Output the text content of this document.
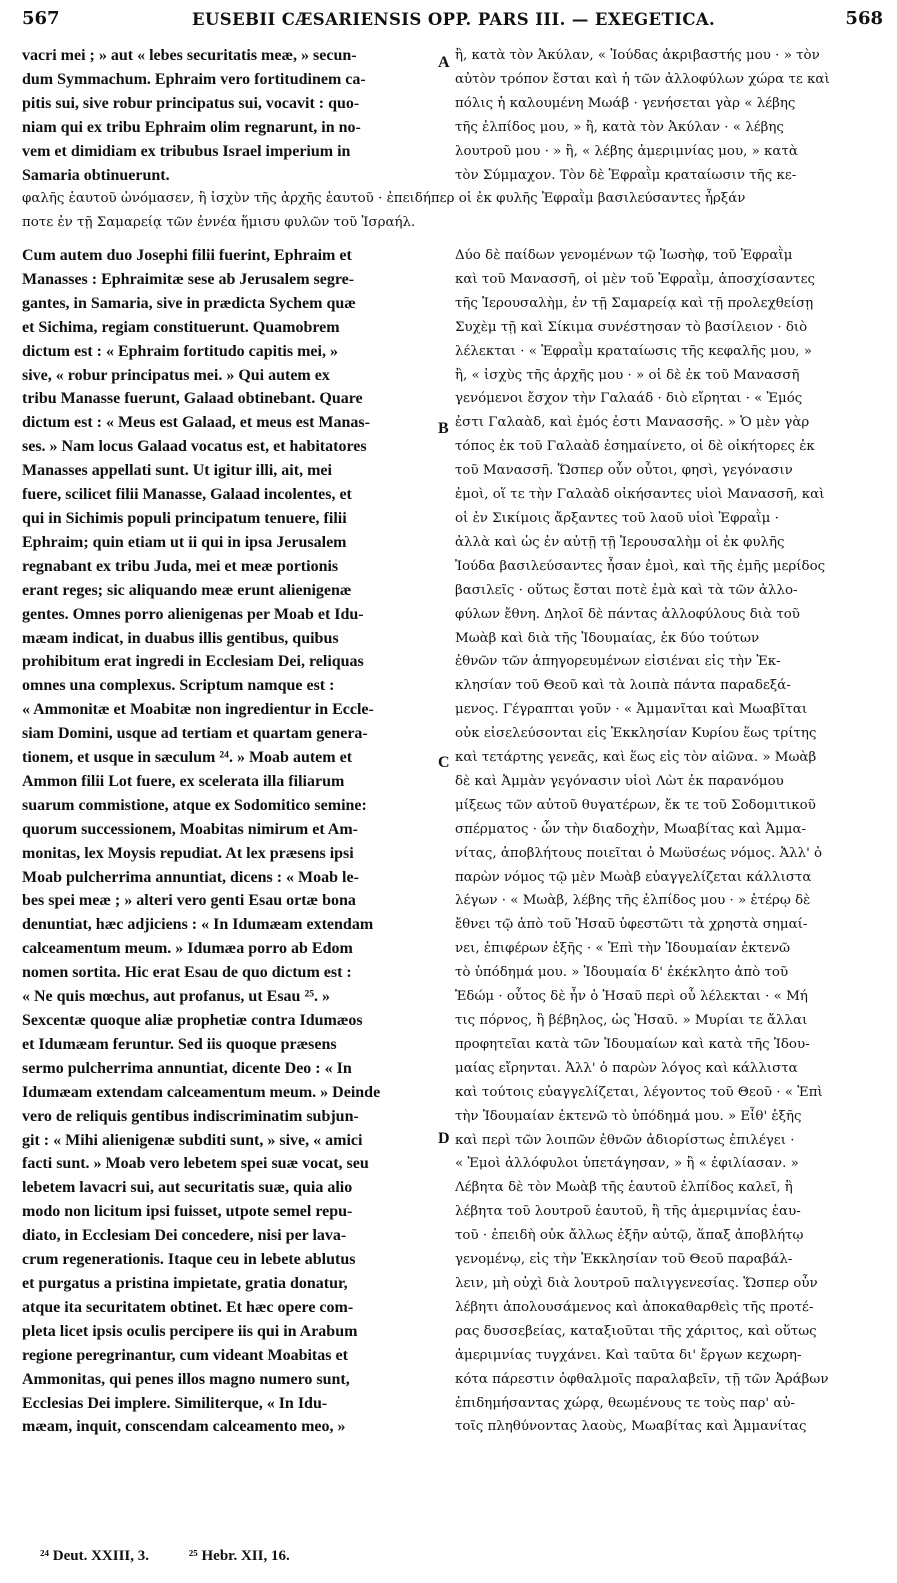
567	EUSEBII CÆSARIENSIS OPP. PARS III. — EXEGETICA.	568
vacri mei ; » aut « lebes securitatis meæ, » secun-
dum Symmachum. Ephraim vero fortitudinem ca-
pitis sui, sive robur principatus sui, vocavit : quo-
niam qui ex tribu Ephraim olim regnarunt, in no-
vem et dimidiam ex tribubus Israel imperium in
Samaria obtinuerunt.
ἢ, κατὰ τὸν Ἀκύλαν, « Ἰούδας ἀκριβαστής μου · » τὸν
αὐτὸν τρόπον ἔσται καὶ ἡ τῶν ἀλλοφύλων χώρα τε καὶ
πόλις ἡ καλουμένη Μωάβ · γενήσεται γὰρ « λέβης
τῆς ἐλπίδος μου, » ἢ, κατὰ τὸν Ἀκύλαν · « λέβης
λουτροῦ μου · » ἢ, « λέβης ἀμεριμνίας μου, » κατὰ
τὸν Σύμμαχον. Τὸν δὲ Ἐφραῒμ κραταίωσιν τῆς κε-
φαλῆς ἑαυτοῦ ὠνόμασεν, ἢ ἰσχὺν τῆς ἀρχῆς ἑαυτοῦ · ἐπειδήπερ οἱ ἐκ φυλῆς Ἐφραῒμ βασιλεύσαντες ἦρξάν
ποτε ἐν τῇ Σαμαρείᾳ τῶν ἐννέα ἥμισυ φυλῶν τοῦ Ἰσραήλ.
Cum autem duo Josephi filii fuerint, Ephraim et
Manasses : Ephraimitæ sese ab Jerusalem segre-
gantes, in Samaria, sive in prædicta Sychem quæ
et Sichima, regiam constituerunt. Quamobrem
dictum est : « Ephraim fortitudo capitis mei, »
sive, « robur principatus mei. » Qui autem ex
tribu Manasse fuerunt, Galaad obtinebant. Quare
dictum est : « Meus est Galaad, et meus est Manas-
ses. » Nam locus Galaad vocatus est, et habitatores
Manasses appellati sunt. Ut igitur illi, ait, mei
fuere, scilicet filii Manasse, Galaad incolentes, et
qui in Sichimis populi principatum tenuere, filii
Ephraim; quin etiam ut ii qui in ipsa Jerusalem
regnabant ex tribu Juda, mei et meæ portionis
erant reges; sic aliquando meæ erunt alienigenæ
gentes. Omnes porro alienigenas per Moab et Idu-
mæam indicat, in duabus illis gentibus, quibus
prohibitum erat ingredi in Ecclesiam Dei, reliquas
omnes una complexus. Scriptum namque est :
« Ammonitæ et Moabitæ non ingredientur in Eccle-
siam Domini, usque ad tertiam et quartam genera-
tionem, et usque in sæculum ²⁴. » Moab autem et
Ammon filii Lot fuere, ex scelerata illa filiarum
suarum commistione, atque ex Sodomitico semine:
quorum successionem, Moabitas nimirum et Am-
monitas, lex Moysis repudiat. At lex præsens ipsi
Moab pulcherrima annuntiat, dicens : « Moab le-
bes spei meæ ; » alteri vero genti Esau ortæ bona
denuntiat, hæc adjiciens : « In Idumæam extendam
calceamentum meum. » Idumæa porro ab Edom
nomen sortita. Hic erat Esau de quo dictum est :
« Ne quis mœchus, aut profanus, ut Esau ²⁵. »
Sexcentæ quoque aliæ prophetiæ contra Idumæos
et Idumæam feruntur. Sed iis quoque præsens
sermo pulcherrima annuntiat, dicente Deo : « In
Idumæam extendam calceamentum meum. » Deinde
vero de reliquis gentibus indiscriminatim subjun-
git : « Mihi alienigenæ subditi sunt, » sive, « amici
facti sunt. » Moab vero lebetem spei suæ vocat, seu
lebetem lavacri sui, aut securitatis suæ, quia alio
modo non licitum ipsi fuisset, utpote semel repu-
diato, in Ecclesiam Dei concedere, nisi per lava-
crum regenerationis. Itaque ceu in lebete ablutus
et purgatus a pristina impietate, gratia donatur,
atque ita securitatem obtinet. Et hæc opere com-
pleta licet ipsis oculis percipere iis qui in Arabum
regione peregrinantur, cum videant Moabitas et
Ammonitas, qui penes illos magno numero sunt,
Ecclesias Dei implere. Similiterque, « In Idu-
mæam, inquit, conscendam calceamento meo, »
Δύο δὲ παίδων γενομένων τῷ Ἰωσὴφ, τοῦ Ἐφραῒμ
καὶ τοῦ Μανασσῆ, οἱ μὲν τοῦ Ἐφραῒμ, ἀποσχίσαντες
τῆς Ἱερουσαλὴμ, ἐν τῇ Σαμαρείᾳ καὶ τῇ προλεχθείσῃ
Συχὲμ τῇ καὶ Σίκιμα συνέστησαν τὸ βασίλειον · διὸ
λέλεκται · « Ἐφραῒμ κραταίωσις τῆς κεφαλῆς μου, »
ἢ, « ἰσχὺς τῆς ἀρχῆς μου · » οἱ δὲ ἐκ τοῦ Μανασσῆ
γενόμενοι ἔσχον τὴν Γαλαάδ · διὸ εἴρηται · « Ἐμός
ἐστι Γαλαὰδ, καὶ ἐμός ἐστι Μανασσῆς. » Ὁ μὲν γὰρ
τόπος ἐκ τοῦ Γαλαὰδ ἐσημαίνετο, οἱ δὲ οἰκήτορες ἐκ
τοῦ Μανασσῆ. Ὥσπερ οὖν οὗτοι, φησὶ, γεγόνασιν
ἐμοὶ, οἵ τε τὴν Γαλαὰδ οἰκήσαντες υἱοὶ Μανασσῆ, καὶ
οἱ ἐν Σικίμοις ἄρξαντες τοῦ λαοῦ υἱοὶ Ἐφραῒμ ·
ἀλλὰ καὶ ὡς ἐν αὐτῇ τῇ Ἱερουσαλὴμ οἱ ἐκ φυλῆς
Ἰούδα βασιλεύσαντες ἦσαν ἐμοὶ, καὶ τῆς ἐμῆς μερίδος
βασιλεῖς · οὕτως ἔσται ποτὲ ἐμὰ καὶ τὰ τῶν ἀλλο-
φύλων ἔθνη. Δηλοῖ δὲ πάντας ἀλλοφύλους διὰ τοῦ
Μωὰβ καὶ διὰ τῆς Ἰδουμαίας, ἐκ δύο τούτων
ἐθνῶν τῶν ἀπηγορευμένων εἰσιέναι εἰς τὴν Ἐκ-
κλησίαν τοῦ Θεοῦ καὶ τὰ λοιπὰ πάντα παραδεξά-
μενος. Γέγραπται γοῦν · « Ἀμμανῖται καὶ Μωαβῖται
οὐκ εἰσελεύσονται εἰς Ἐκκλησίαν Κυρίου ἕως τρίτης
καὶ τετάρτης γενεᾶς, καὶ ἕως εἰς τὸν αἰῶνα. » Μωὰβ
δὲ καὶ Ἀμμὰν γεγόνασιν υἱοὶ Λὼτ ἐκ παρανόμου
μίξεως τῶν αὐτοῦ θυγατέρων, ἔκ τε τοῦ Σοδομιτικοῦ
σπέρματος · ὧν τὴν διαδοχὴν, Μωαβίτας καὶ Ἀμμα-
νίτας, ἀποβλήτους ποιεῖται ὁ Μωϋσέως νόμος. Ἀλλ' ὁ
παρὼν νόμος τῷ μὲν Μωὰβ εὐαγγελίζεται κάλλιστα
λέγων · « Μωὰβ, λέβης τῆς ἐλπίδος μου · » ἑτέρῳ δὲ
ἔθνει τῷ ἀπὸ τοῦ Ἡσαῦ ὑφεστῶτι τὰ χρηστὰ σημαί-
νει, ἐπιφέρων ἑξῆς · « Ἐπὶ τὴν Ἰδουμαίαν ἐκτενῶ
τὸ ὑπόδημά μου. » Ἰδουμαία δ' ἐκέκλητο ἀπὸ τοῦ
Ἐδώμ · οὗτος δὲ ἦν ὁ Ἡσαῦ περὶ οὗ λέλεκται · « Μή
τις πόρνος, ἢ βέβηλος, ὡς Ἡσαῦ. » Μυρίαι τε ἄλλαι
προφητεῖαι κατὰ τῶν Ἰδουμαίων καὶ κατὰ τῆς Ἰδου-
μαίας εἴρηνται. Ἀλλ' ὁ παρὼν λόγος καὶ κάλλιστα
καὶ τούτοις εὐαγγελίζεται, λέγοντος τοῦ Θεοῦ · « Ἐπὶ
τὴν Ἰδουμαίαν ἐκτενῶ τὸ ὑπόδημά μου. » Εἶθ' ἑξῆς
καὶ περὶ τῶν λοιπῶν ἐθνῶν ἀδιορίστως ἐπιλέγει ·
« Ἐμοὶ ἀλλόφυλοι ὑπετάγησαν, » ἢ « ἐφιλίασαν. »
Λέβητα δὲ τὸν Μωὰβ τῆς ἑαυτοῦ ἐλπίδος καλεῖ, ἢ
λέβητα τοῦ λουτροῦ ἑαυτοῦ, ἢ τῆς ἀμεριμνίας ἑαυ-
τοῦ · ἐπειδὴ οὐκ ἄλλως ἐξῆν αὐτῷ, ἅπαξ ἀποβλήτῳ
γενομένῳ, εἰς τὴν Ἐκκλησίαν τοῦ Θεοῦ παραβάλ-
λειν, μὴ οὐχὶ διὰ λουτροῦ παλιγγενεσίας. Ὥσπερ οὖν
λέβητι ἀπολουσάμενος καὶ ἀποκαθαρθεὶς τῆς προτέ-
ρας δυσσεβείας, καταξιοῦται τῆς χάριτος, καὶ οὕτως
ἀμεριμνίας τυγχάνει. Καὶ ταῦτα δι' ἔργων κεχωρη-
κότα πάρεστιν ὀφθαλμοῖς παραλαβεῖν, τῇ τῶν Ἀράβων
ἐπιδημήσαντας χώρᾳ, θεωμένους τε τοὺς παρ' αὐ-
τοῖς πληθύνοντας λαοὺς, Μωαβίτας καὶ Ἀμμανίτας
A
B
C
D
²⁴ Deut. XXIII, 3.	²⁵ Hebr. XII, 16.
